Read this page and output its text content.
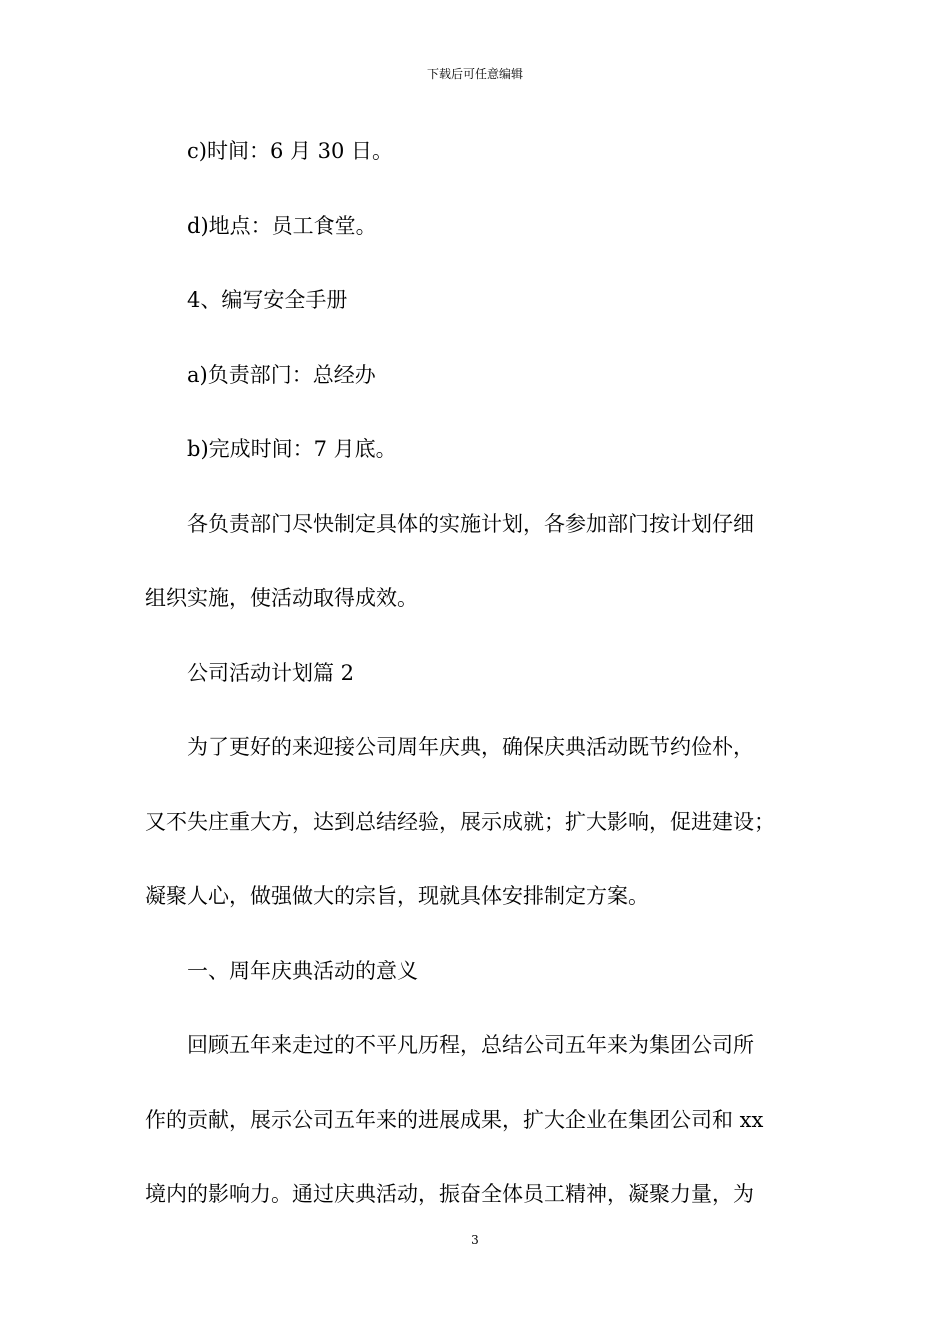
下载后可任意编辑
c)时间：6 月 30 日。
d)地点：员工食堂。
4、编写安全手册
a)负责部门：总经办
b)完成时间：7 月底。
各负责部门尽快制定具体的实施计划，各参加部门按计划仔细
组织实施，使活动取得成效。
公司活动计划篇 2
为了更好的来迎接公司周年庆典，确保庆典活动既节约俭朴，
又不失庄重大方，达到总结经验，展示成就；扩大影响，促进建设；
凝聚人心，做强做大的宗旨，现就具体安排制定方案。
一、周年庆典活动的意义
回顾五年来走过的不平凡历程，总结公司五年来为集团公司所
作的贡献，展示公司五年来的进展成果，扩大企业在集团公司和 xx
境内的影响力。通过庆典活动，振奋全体员工精神，凝聚力量，为
3
